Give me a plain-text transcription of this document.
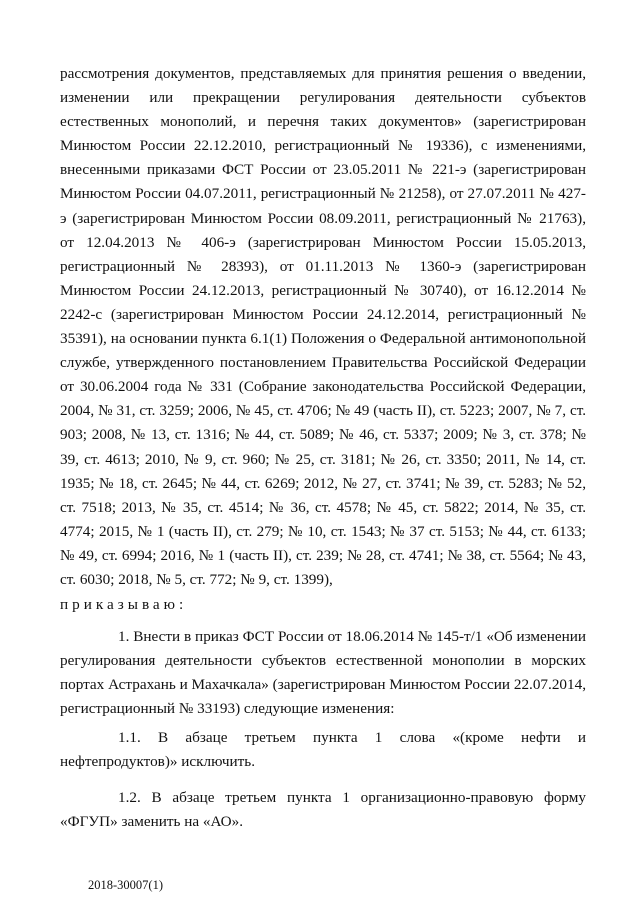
рассмотрения документов, представляемых для принятия решения о введении, изменении или прекращении регулирования деятельности субъектов естественных монополий, и перечня таких документов» (зарегистрирован Минюстом России 22.12.2010, регистрационный № 19336), с изменениями, внесенными приказами ФСТ России от 23.05.2011 № 221-э (зарегистрирован Минюстом России 04.07.2011, регистрационный № 21258), от 27.07.2011 № 427-э (зарегистрирован Минюстом России 08.09.2011, регистрационный № 21763), от 12.04.2013 № 406-э (зарегистрирован Минюстом России 15.05.2013, регистрационный № 28393), от 01.11.2013 № 1360-э (зарегистрирован Минюстом России 24.12.2013, регистрационный № 30740), от 16.12.2014 № 2242-с (зарегистрирован Минюстом России 24.12.2014, регистрационный № 35391), на основании пункта 6.1(1) Положения о Федеральной антимонопольной службе, утвержденного постановлением Правительства Российской Федерации от 30.06.2004 года № 331 (Собрание законодательства Российской Федерации, 2004, № 31, ст. 3259; 2006, № 45, ст. 4706; № 49 (часть II), ст. 5223; 2007, № 7, ст. 903; 2008, № 13, ст. 1316; № 44, ст. 5089; № 46, ст. 5337; 2009; № 3, ст. 378; № 39, ст. 4613; 2010, № 9, ст. 960; № 25, ст. 3181; № 26, ст. 3350; 2011, № 14, ст. 1935; № 18, ст. 2645; № 44, ст. 6269; 2012, № 27, ст. 3741; № 39, ст. 5283; № 52, ст. 7518; 2013, № 35, ст. 4514; № 36, ст. 4578; № 45, ст. 5822; 2014, № 35, ст. 4774; 2015, № 1 (часть II), ст. 279; № 10, ст. 1543; № 37 ст. 5153; № 44, ст. 6133; № 49, ст. 6994; 2016, № 1 (часть II), ст. 239; № 28, ст. 4741; № 38, ст. 5564; № 43, ст. 6030; 2018, № 5, ст. 772; № 9, ст. 1399),

приказываю:

1. Внести в приказ ФСТ России от 18.06.2014 № 145-т/1 «Об изменении регулирования деятельности субъектов естественной монополии в морских портах Астрахань и Махачкала» (зарегистрирован Минюстом России 22.07.2014, регистрационный № 33193) следующие изменения:

1.1. В абзаце третьем пункта 1 слова «(кроме нефти и нефтепродуктов)» исключить.

1.2. В абзаце третьем пункта 1 организационно-правовую форму «ФГУП» заменить на «АО».

2018-30007(1)
